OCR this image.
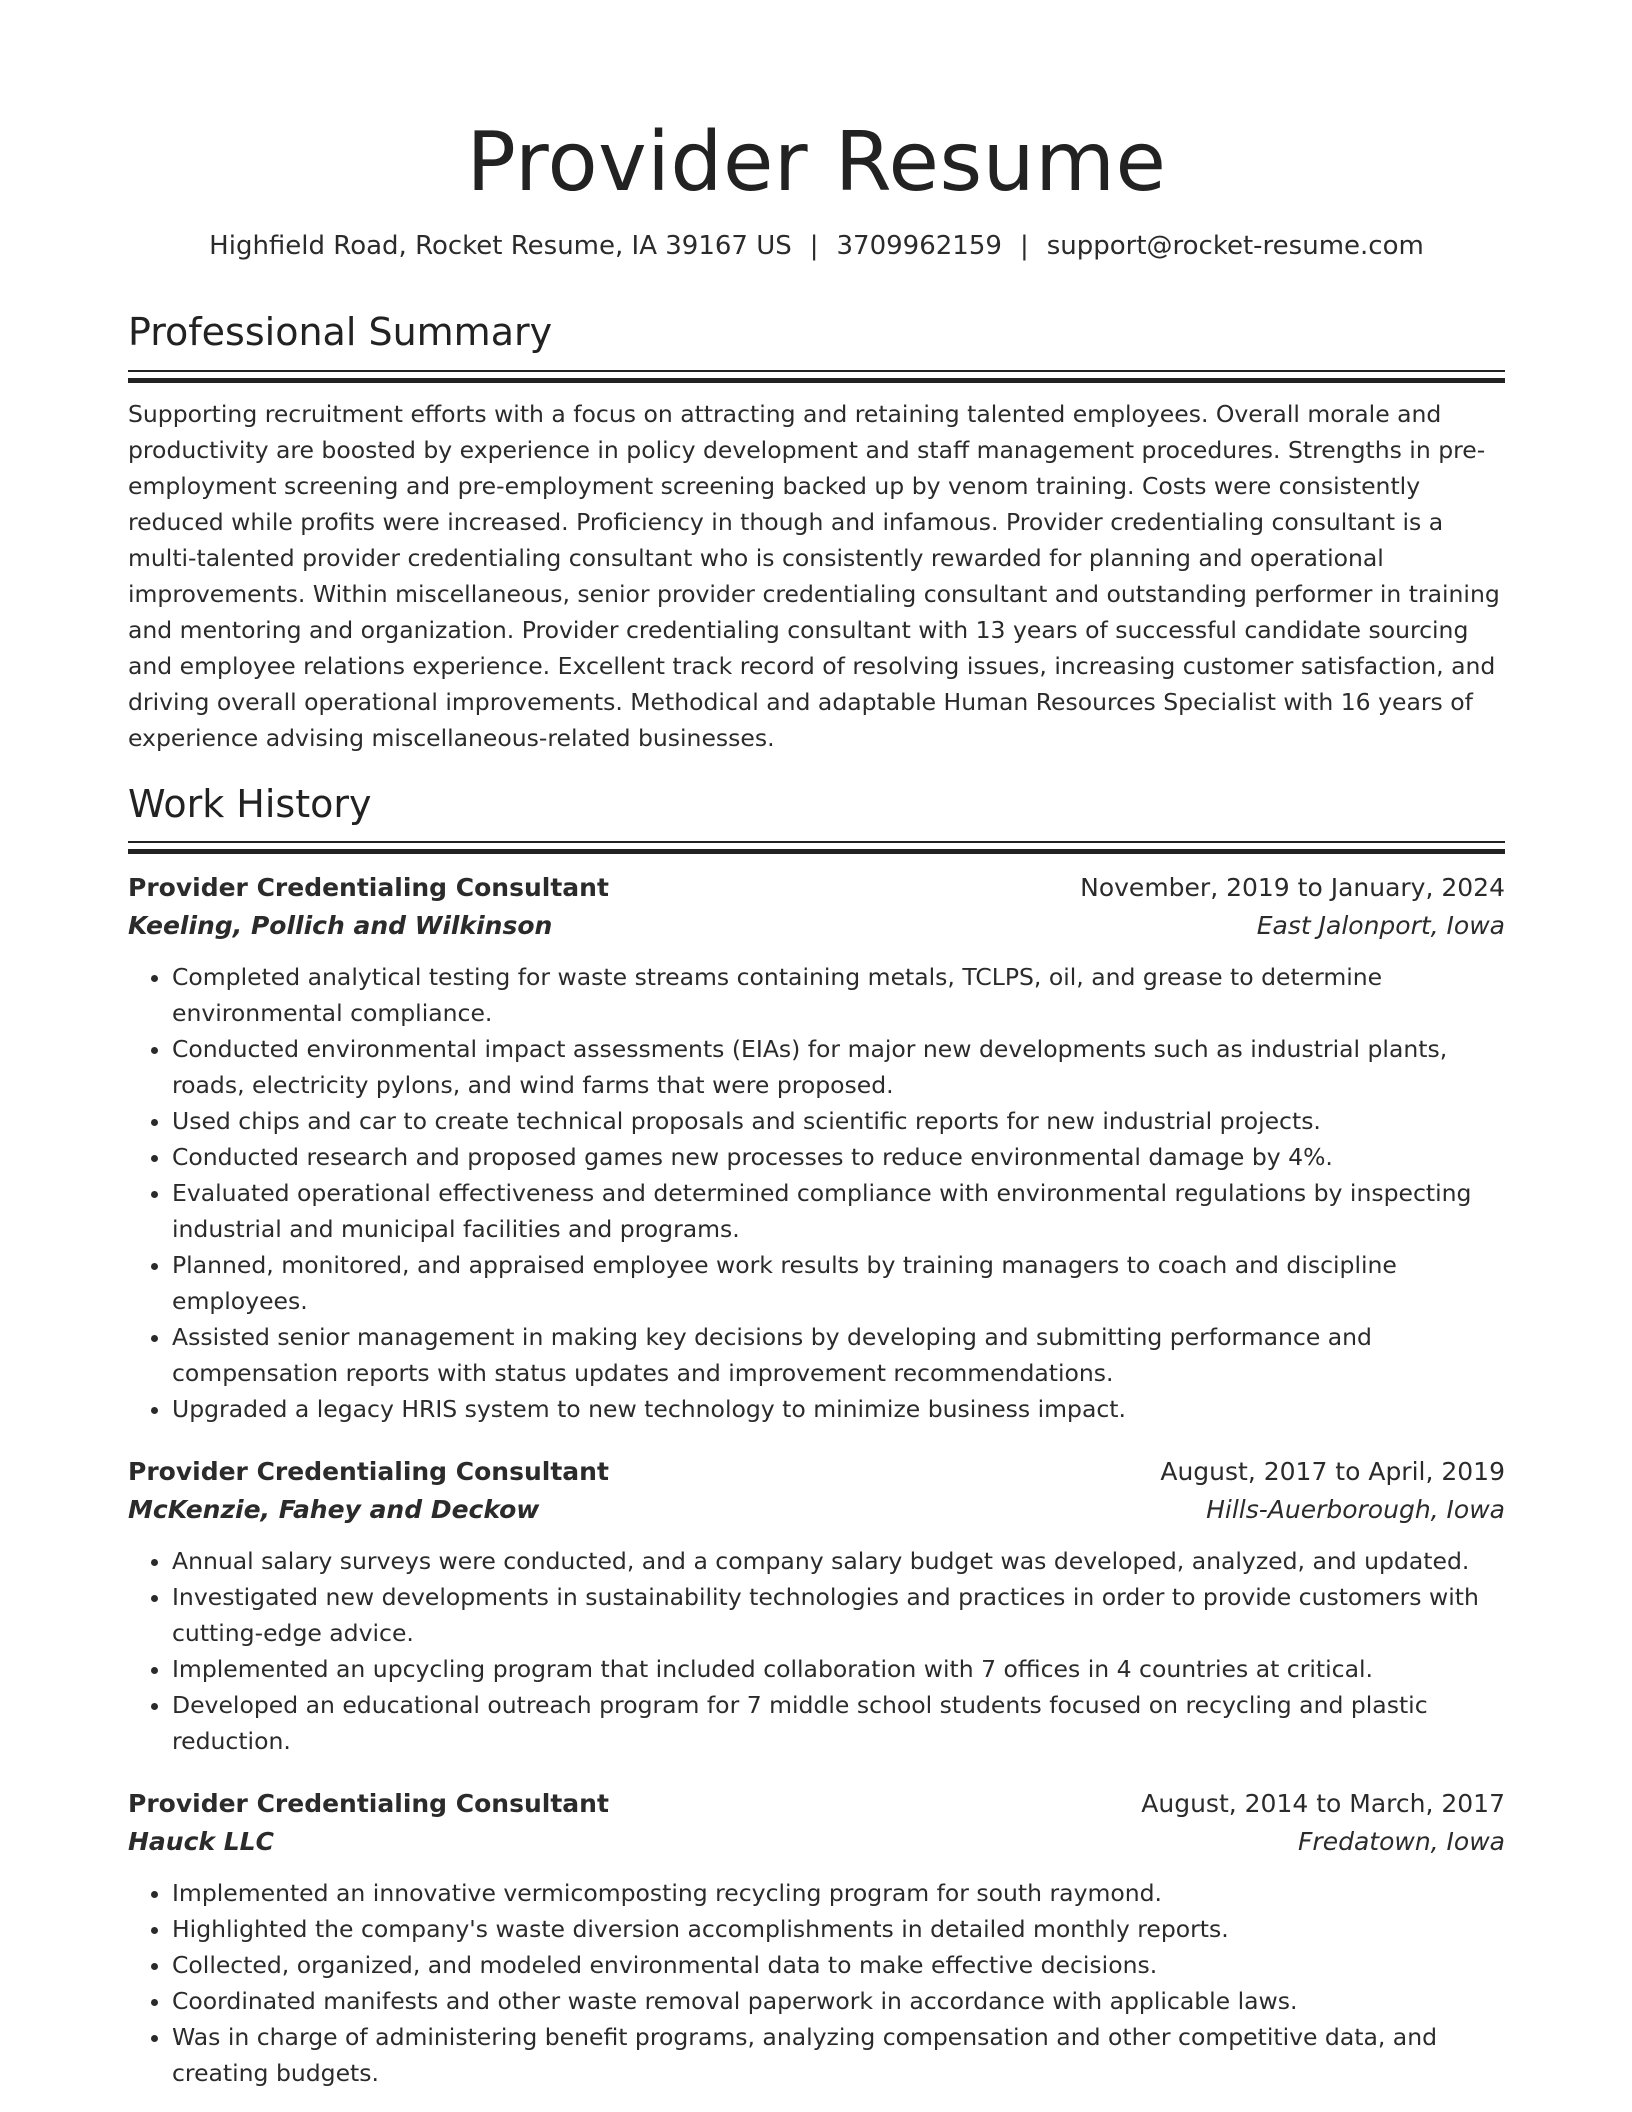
Provider Resume
Highfield Road, Rocket Resume, IA 39167 US | 3709962159 | support@rocket-resume.com
Professional Summary

Supporting recruitment efforts with a focus on attracting and retaining talented employees. Overall morale and productivity are boosted by experience in policy development and staff management procedures. Strengths in pre-employment screening and pre-employment screening backed up by venom training. Costs were consistently reduced while profits were increased. Proficiency in though and infamous. Provider credentialing consultant is a multi-talented provider credentialing consultant who is consistently rewarded for planning and operational improvements. Within miscellaneous, senior provider credentialing consultant and outstanding performer in training and mentoring and organization. Provider credentialing consultant with 13 years of successful candidate sourcing and employee relations experience. Excellent track record of resolving issues, increasing customer satisfaction, and driving overall operational improvements. Methodical and adaptable Human Resources Specialist with 16 years of experience advising miscellaneous-related businesses.

Work History
Provider Credentialing Consultant	November, 2019 to January, 2024
Keeling, Pollich and Wilkinson	East Jalonport, Iowa
• Completed analytical testing for waste streams containing metals, TCLPS, oil, and grease to determine environmental compliance.
• Conducted environmental impact assessments (EIAs) for major new developments such as industrial plants, roads, electricity pylons, and wind farms that were proposed.
• Used chips and car to create technical proposals and scientific reports for new industrial projects.
• Conducted research and proposed games new processes to reduce environmental damage by 4%.
• Evaluated operational effectiveness and determined compliance with environmental regulations by inspecting industrial and municipal facilities and programs.
• Planned, monitored, and appraised employee work results by training managers to coach and discipline employees.
• Assisted senior management in making key decisions by developing and submitting performance and compensation reports with status updates and improvement recommendations.
• Upgraded a legacy HRIS system to new technology to minimize business impact.
Provider Credentialing Consultant	August, 2017 to April, 2019
McKenzie, Fahey and Deckow	Hills-Auerborough, Iowa
• Annual salary surveys were conducted, and a company salary budget was developed, analyzed, and updated.
• Investigated new developments in sustainability technologies and practices in order to provide customers with cutting-edge advice.
• Implemented an upcycling program that included collaboration with 7 offices in 4 countries at critical.
• Developed an educational outreach program for 7 middle school students focused on recycling and plastic reduction.
Provider Credentialing Consultant	August, 2014 to March, 2017
Hauck LLC	Fredatown, Iowa
• Implemented an innovative vermicomposting recycling program for south raymond.
• Highlighted the company's waste diversion accomplishments in detailed monthly reports.
• Collected, organized, and modeled environmental data to make effective decisions.
• Coordinated manifests and other waste removal paperwork in accordance with applicable laws.
• Was in charge of administering benefit programs, analyzing compensation and other competitive data, and creating budgets.
